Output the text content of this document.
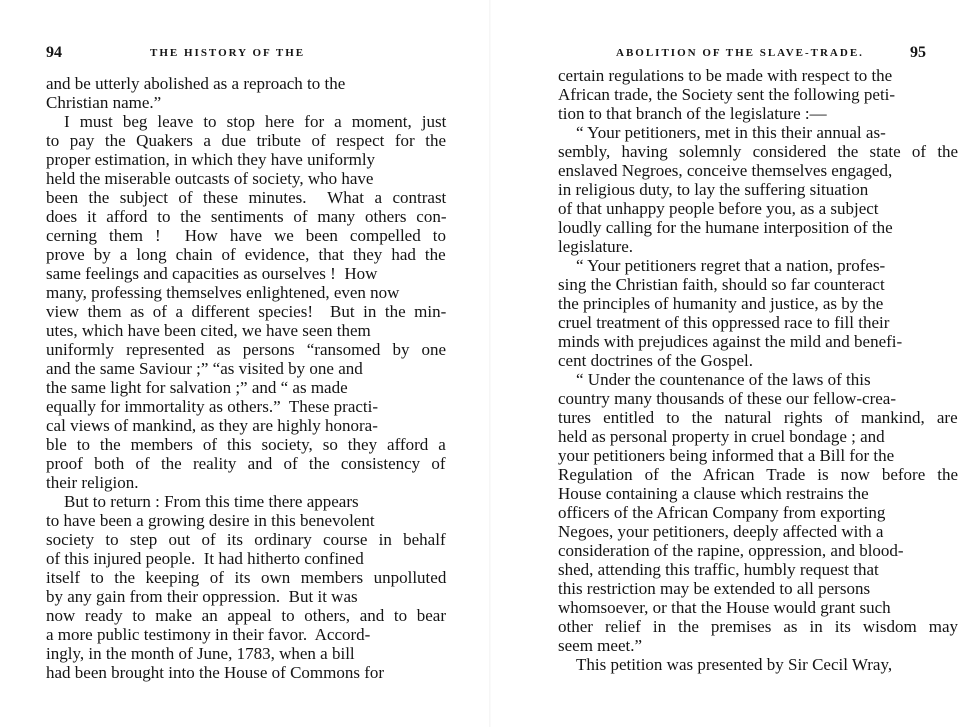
94	THE HISTORY OF THE
and be utterly abolished as a reproach to the
Christian name.”
I must beg leave to stop here for a moment, just
to pay the Quakers a due tribute of respect for the
proper estimation, in which they have uniformly
held the miserable outcasts of society, who have
been the subject of these minutes.  What a contrast
does it afford to the sentiments of many others con-
cerning them !  How have we been compelled to
prove by a long chain of evidence, that they had the
same feelings and capacities as ourselves !  How
many, professing themselves enlightened, even now
view them as of a different species!  But in the min-
utes, which have been cited, we have seen them
uniformly represented as persons “ransomed by one
and the same Saviour ;” “as visited by one and
the same light for salvation ;” and “ as made
equally for immortality as others.”  These practi-
cal views of mankind, as they are highly honora-
ble to the members of this society, so they afford a
proof both of the reality and of the consistency of
their religion.
But to return : From this time there appears
to have been a growing desire in this benevolent
society to step out of its ordinary course in behalf
of this injured people.  It had hitherto confined
itself to the keeping of its own members unpolluted
by any gain from their oppression.  But it was
now ready to make an appeal to others, and to bear
a more public testimony in their favor.  Accord-
ingly, in the month of June, 1783, when a bill
had been brought into the House of Commons for
ABOLITION OF THE SLAVE-TRADE.	95
certain regulations to be made with respect to the
African trade, the Society sent the following peti-
tion to that branch of the legislature :—
“ Your petitioners, met in this their annual as-
sembly, having solemnly considered the state of the
enslaved Negroes, conceive themselves engaged,
in religious duty, to lay the suffering situation
of that unhappy people before you, as a subject
loudly calling for the humane interposition of the
legislature.
“ Your petitioners regret that a nation, profes-
sing the Christian faith, should so far counteract
the principles of humanity and justice, as by the
cruel treatment of this oppressed race to fill their
minds with prejudices against the mild and benefi-
cent doctrines of the Gospel.
“ Under the countenance of the laws of this
country many thousands of these our fellow-crea-
tures entitled to the natural rights of mankind, are
held as personal property in cruel bondage ; and
your petitioners being informed that a Bill for the
Regulation of the African Trade is now before the
House containing a clause which restrains the
officers of the African Company from exporting
Negoes, your petitioners, deeply affected with a
consideration of the rapine, oppression, and blood-
shed, attending this traffic, humbly request that
this restriction may be extended to all persons
whomsoever, or that the House would grant such
other relief in the premises as in its wisdom may
seem meet.”
This petition was presented by Sir Cecil Wray,
